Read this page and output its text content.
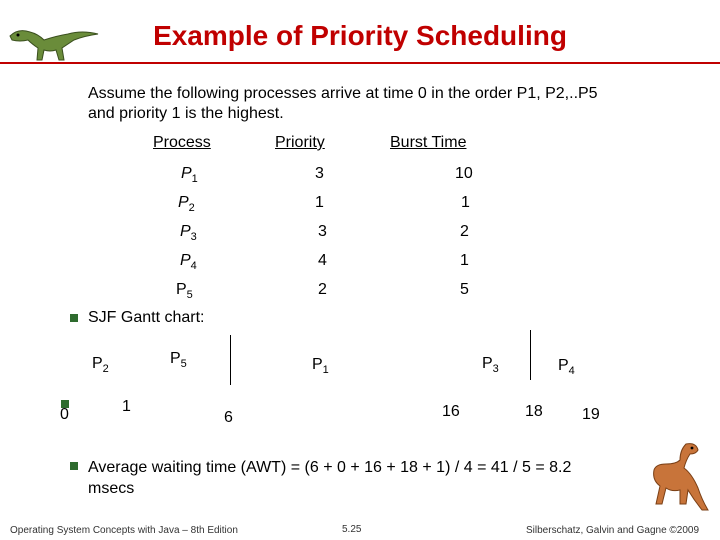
Example of Priority Scheduling
Assume the following processes arrive at time 0 in the order P1, P2,..P5
and priority 1 is the highest.
Process	Priority	Burst Time
$P_1$	3	10
$P_2$	1	1
$P_3$	3	2
$P_4$	4	1
$P_5$	2	5
SJF Gantt chart:
$P_2$
$P_5$	$P_1$	$P_3$	$P_4$
0	1
6	16	18 19
Average waiting time (AWT) = (6 + 0 + 16 + 18 + 1) / 4 = 41 / 5 = 8.2
msecs
Operating System Concepts with Java – 8th Edition	5.25	Silberschatz, Galvin and Gagne ©2009
